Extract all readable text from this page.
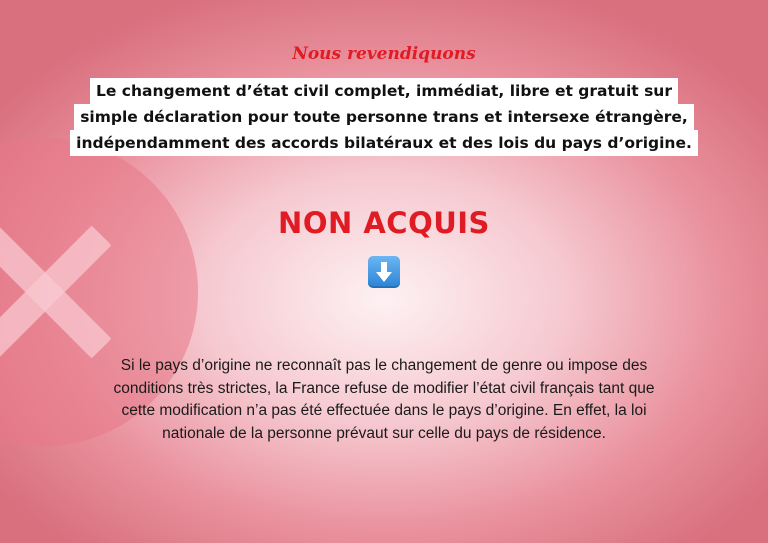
Nous revendiquons
Le changement d’état civil complet, immédiat, libre et gratuit sur
simple déclaration pour toute personne trans et intersexe étrangère,
indépendamment des accords bilatéraux et des lois du pays d’origine.
NON ACQUIS
Si le pays d’origine ne reconnaît pas le changement de genre ou impose des
conditions très strictes, la France refuse de modifier l’état civil français tant que
cette modification n’a pas été effectuée dans le pays d’origine. En effet, la loi
nationale de la personne prévaut sur celle du pays de résidence.
